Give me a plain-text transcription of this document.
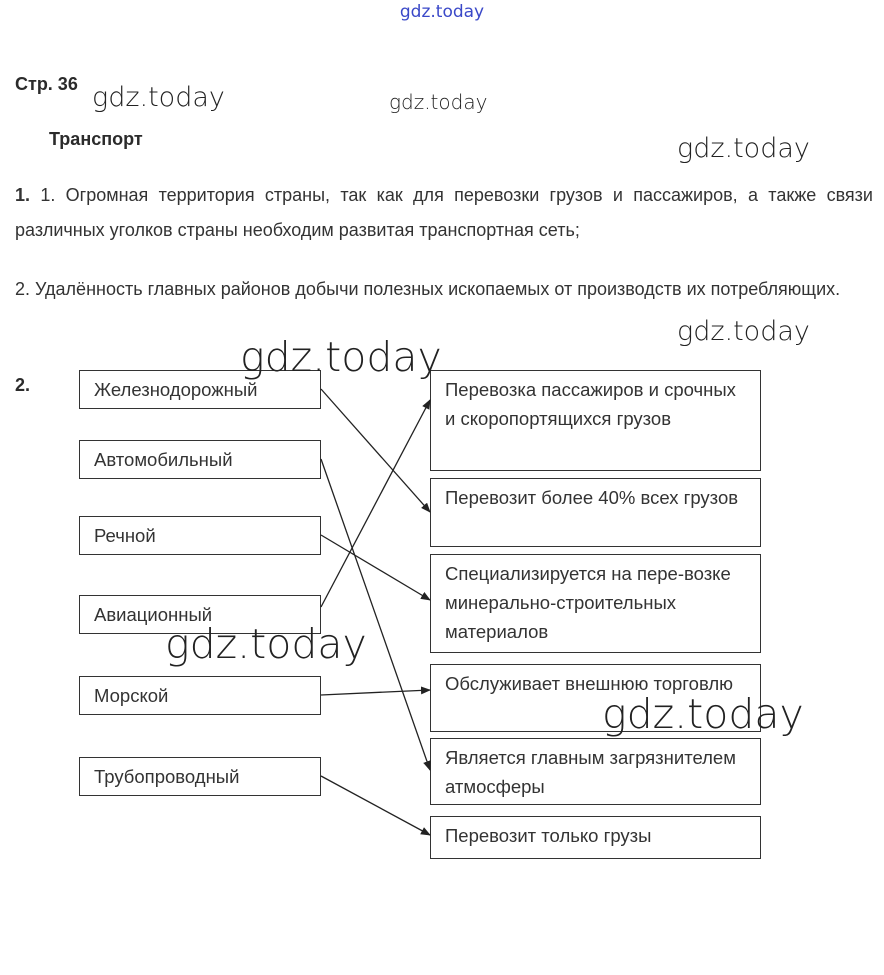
gdz.today
Стр. 36 gdz.today	gdz.today
Транспорт	gdz.today
1. 1. Огромная территория страны, так как для перевозки грузов и пассажиров, а также связи различных уголков страны необходим развитая транспортная сеть;
2. Удалённость главных районов добычи полезных ископаемых от производств их потребляющих.
gdz.today
2.	Железнодорожный
Автомобильный
Речной
Авиационный
Морской
Трубопроводный
Перевозка пассажиров и срочных и скоропортящихся грузов
Перевозит более 40% всех грузов
Специализируется на пере-возке минерально-строительных материалов
Обслуживает внешнюю торговлю
Является главным загрязнителем атмосферы
Перевозит только грузы
gdz.today
gdz.today
gdz.today
